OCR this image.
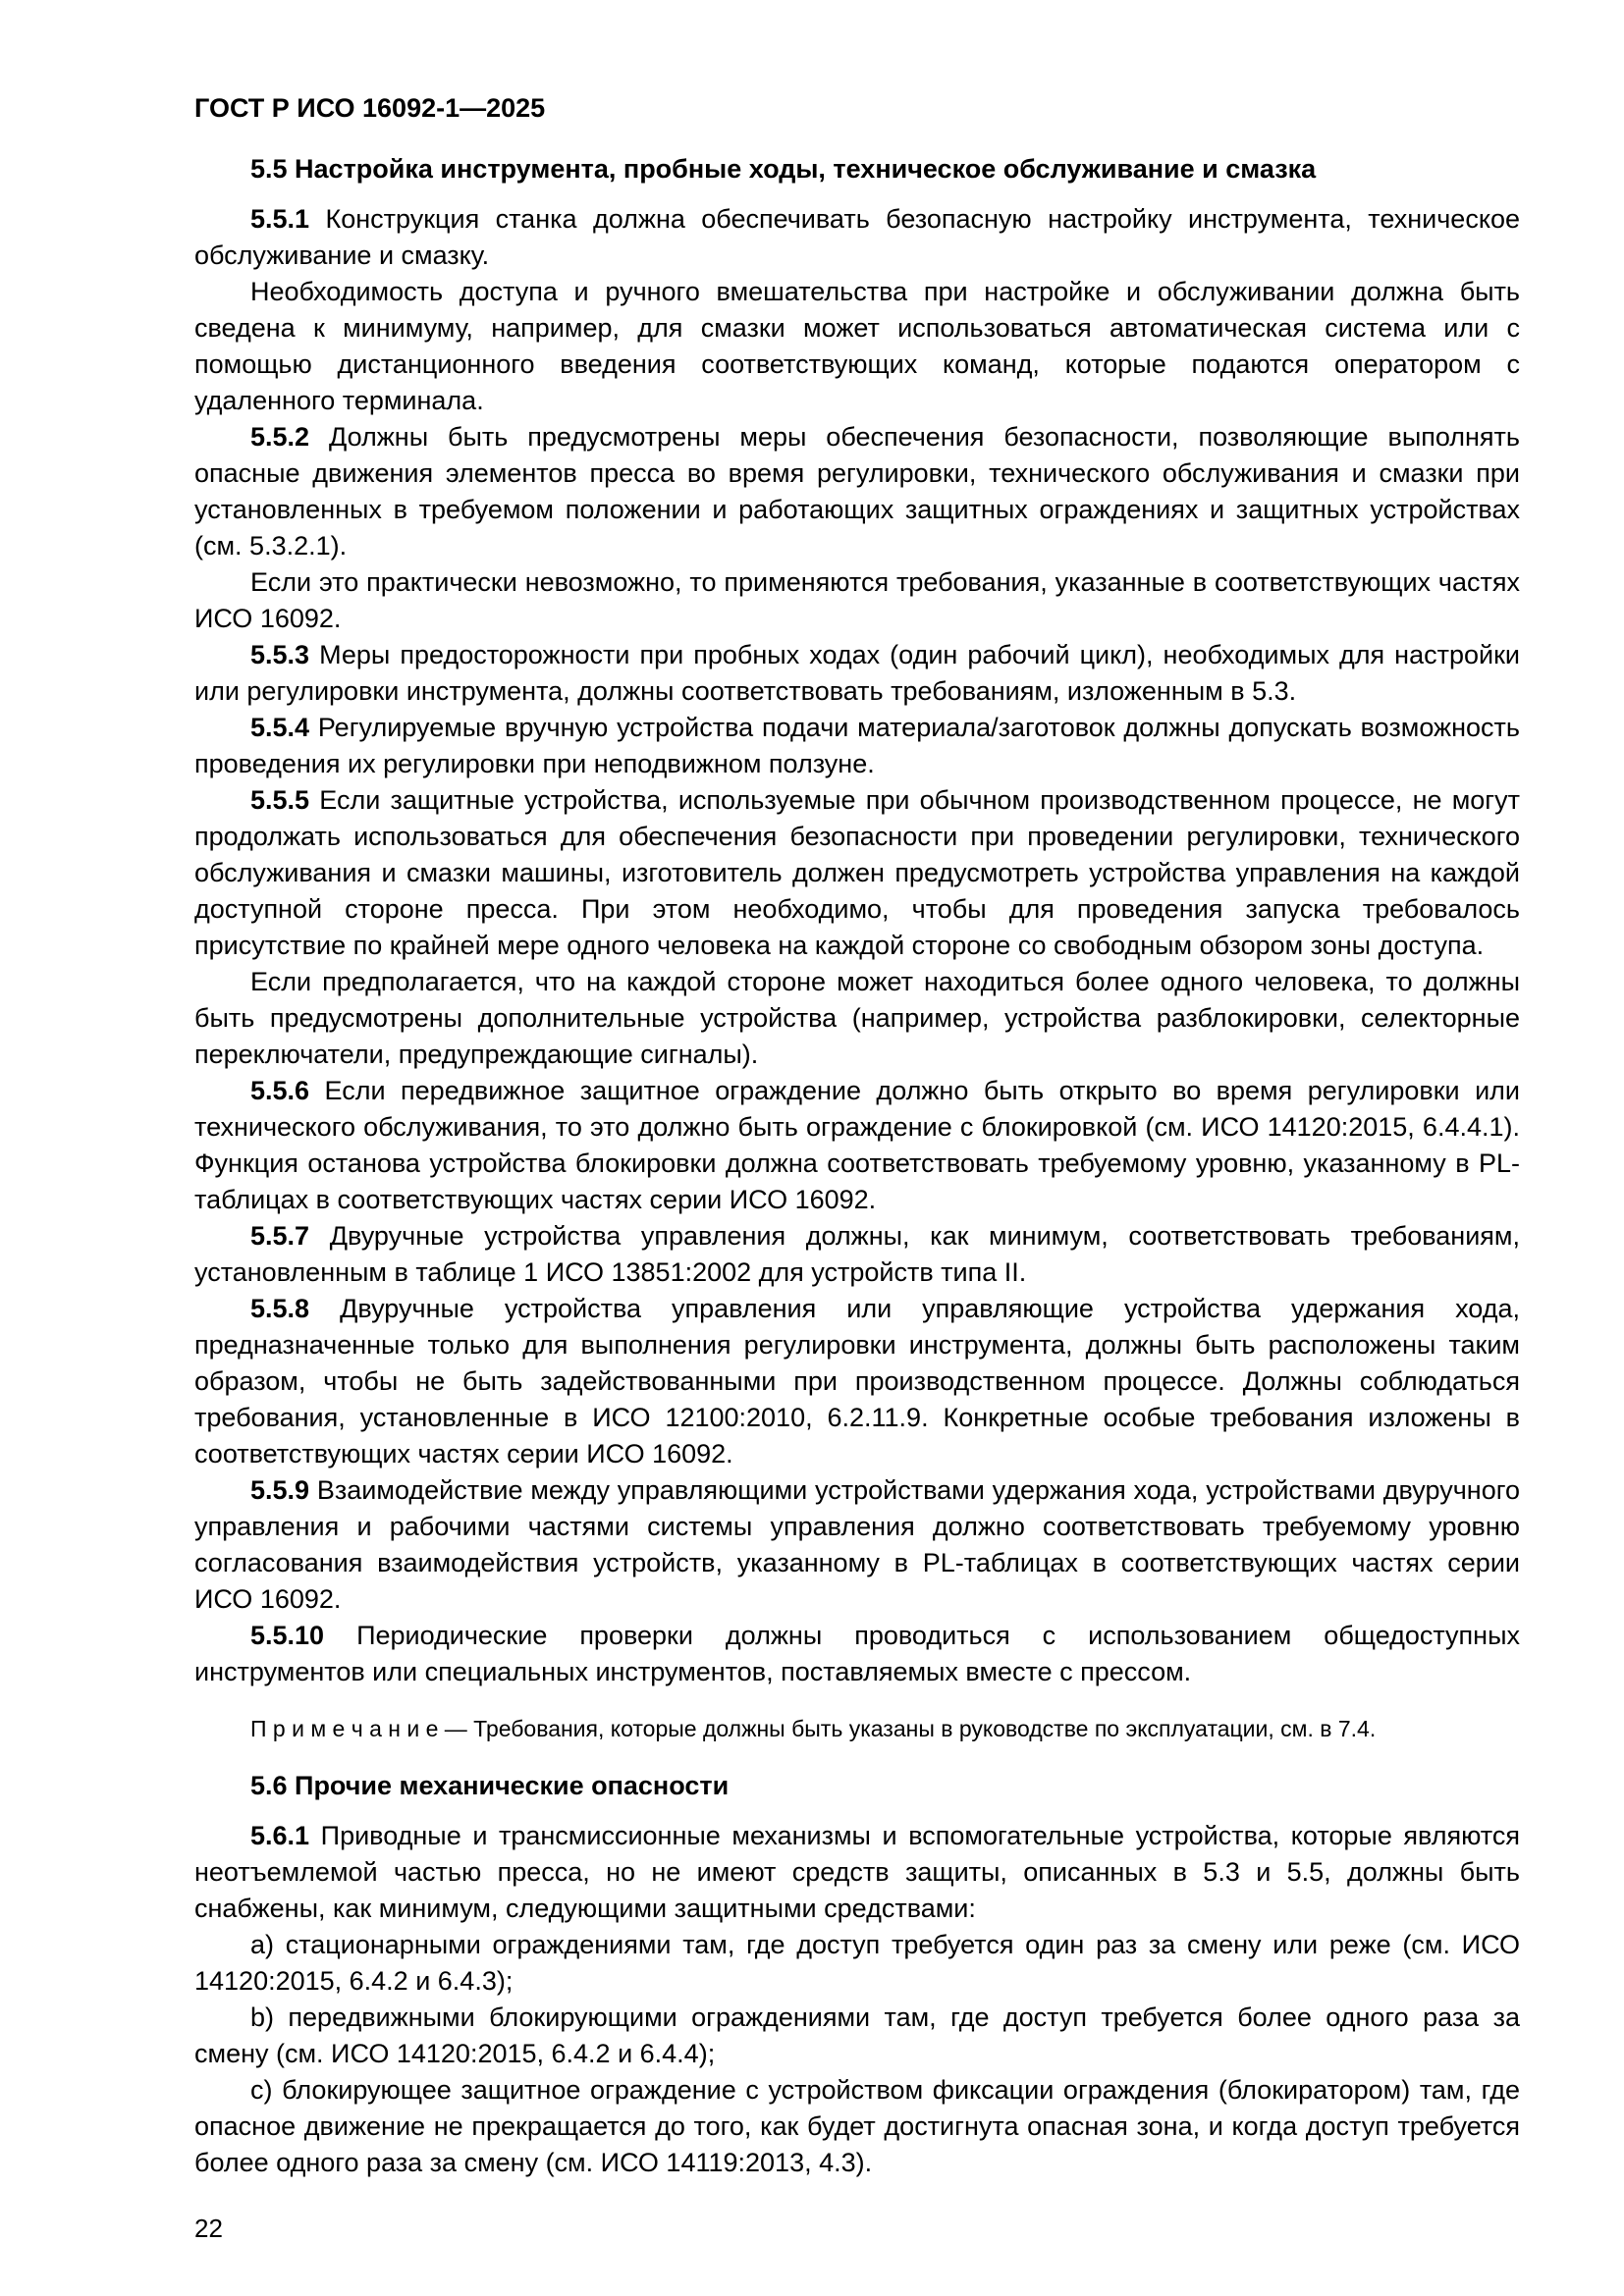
ГОСТ Р ИСО 16092-1—2025
5.5 Настройка инструмента, пробные ходы, техническое обслуживание и смазка

5.5.1 Конструкция станка должна обеспечивать безопасную настройку инструмента, техническое обслуживание и смазку.

Необходимость доступа и ручного вмешательства при настройке и обслуживании должна быть сведена к минимуму, например, для смазки может использоваться автоматическая система или с помощью дистанционного введения соответствующих команд, которые подаются оператором с удаленного терминала.

5.5.2 Должны быть предусмотрены меры обеспечения безопасности, позволяющие выполнять опасные движения элементов пресса во время регулировки, технического обслуживания и смазки при установленных в требуемом положении и работающих защитных ограждениях и защитных устройствах (см. 5.3.2.1).

Если это практически невозможно, то применяются требования, указанные в соответствующих частях ИСО 16092.

5.5.3 Меры предосторожности при пробных ходах (один рабочий цикл), необходимых для настройки или регулировки инструмента, должны соответствовать требованиям, изложенным в 5.3.

5.5.4 Регулируемые вручную устройства подачи материала/заготовок должны допускать возможность проведения их регулировки при неподвижном ползуне.

5.5.5 Если защитные устройства, используемые при обычном производственном процессе, не могут продолжать использоваться для обеспечения безопасности при проведении регулировки, технического обслуживания и смазки машины, изготовитель должен предусмотреть устройства управления на каждой доступной стороне пресса. При этом необходимо, чтобы для проведения запуска требовалось присутствие по крайней мере одного человека на каждой стороне со свободным обзором зоны доступа.

Если предполагается, что на каждой стороне может находиться более одного человека, то должны быть предусмотрены дополнительные устройства (например, устройства разблокировки, селекторные переключатели, предупреждающие сигналы).

5.5.6 Если передвижное защитное ограждение должно быть открыто во время регулировки или технического обслуживания, то это должно быть ограждение с блокировкой (см. ИСО 14120:2015, 6.4.4.1). Функция останова устройства блокировки должна соответствовать требуемому уровню, указанному в PL-таблицах в соответствующих частях серии ИСО 16092.

5.5.7 Двуручные устройства управления должны, как минимум, соответствовать требованиям, установленным в таблице 1 ИСО 13851:2002 для устройств типа II.

5.5.8 Двуручные устройства управления или управляющие устройства удержания хода, предназначенные только для выполнения регулировки инструмента, должны быть расположены таким образом, чтобы не быть задействованными при производственном процессе. Должны соблюдаться требования, установленные в ИСО 12100:2010, 6.2.11.9. Конкретные особые требования изложены в соответствующих частях серии ИСО 16092.

5.5.9 Взаимодействие между управляющими устройствами удержания хода, устройствами двуручного управления и рабочими частями системы управления должно соответствовать требуемому уровню согласования взаимодействия устройств, указанному в PL-таблицах в соответствующих частях серии ИСО 16092.

5.5.10 Периодические проверки должны проводиться с использованием общедоступных инструментов или специальных инструментов, поставляемых вместе с прессом.

П р и м е ч а н и е — Требования, которые должны быть указаны в руководстве по эксплуатации, см. в 7.4.

5.6 Прочие механические опасности

5.6.1 Приводные и трансмиссионные механизмы и вспомогательные устройства, которые являются неотъемлемой частью пресса, но не имеют средств защиты, описанных в 5.3 и 5.5, должны быть снабжены, как минимум, следующими защитными средствами:

a) стационарными ограждениями там, где доступ требуется один раз за смену или реже (см. ИСО 14120:2015, 6.4.2 и 6.4.3);

b) передвижными блокирующими ограждениями там, где доступ требуется более одного раза за смену (см. ИСО 14120:2015, 6.4.2 и 6.4.4);

c) блокирующее защитное ограждение с устройством фиксации ограждения (блокиратором) там, где опасное движение не прекращается до того, как будет достигнута опасная зона, и когда доступ требуется более одного раза за смену (см. ИСО 14119:2013, 4.3).

22
